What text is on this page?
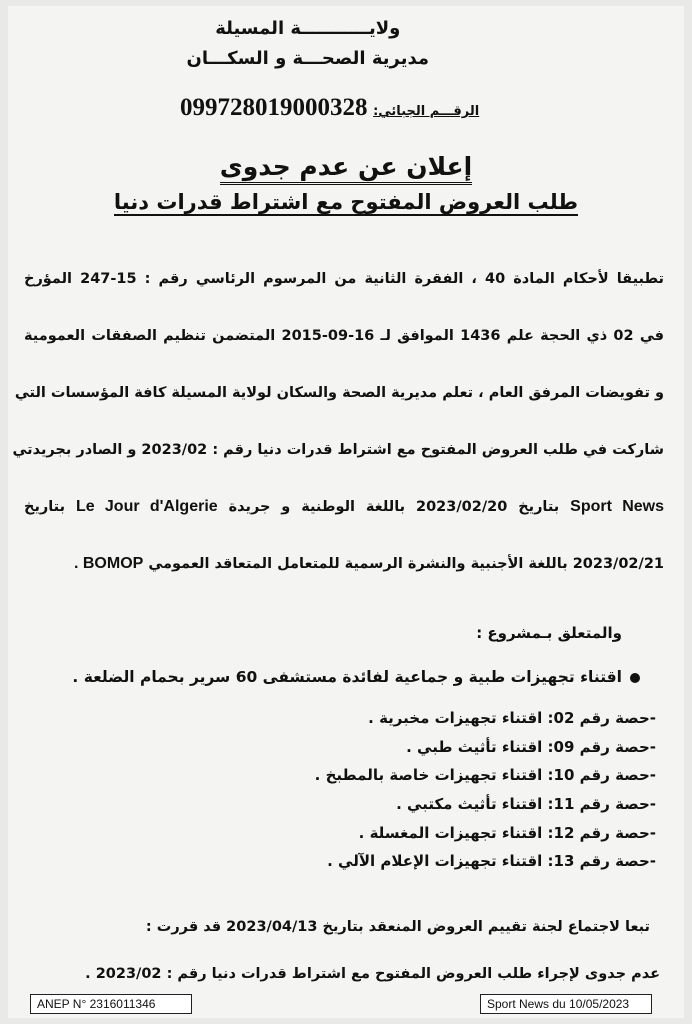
ولايـــــــــــة المسيلة
مديرية الصحـــة و السكـــان
الرقـــم الجبائي: 099728019000328
إعلان عن عدم جدوى
طلب العروض المفتوح مع اشتراط قدرات دنيا
تطبيقا لأحكام المادة 40 ، الفقرة الثانية من المرسوم الرئاسي رقم : 15-247 المؤرخ
في 02 ذي الحجة علم 1436 الموافق لـ 16-09-2015 المتضمن تنظيم الصفقات العمومية
و تفويضات المرفق العام ، تعلم مديرية الصحة والسكان لولاية المسيلة كافة المؤسسات التي
شاركت في طلب العروض المفتوح مع اشتراط قدرات دنيا رقم : 2023/02 و الصادر بجريدتي
Sport News بتاريخ 2023/02/20 باللغة الوطنية و جريدة Le Jour d'Algerie بتاريخ
2023/02/21 باللغة الأجنبية والنشرة الرسمية للمتعامل المتعاقد العمومي BOMOP .
والمتعلق بـمشروع :
اقتناء تجهيزات طبية و جماعية لفائدة مستشفى 60 سرير بحمام الضلعة .
-حصة رقم 02: اقتناء تجهيزات مخبرية .
-حصة رقم 09: اقتناء تأثيث طبي .
-حصة رقم 10: اقتناء تجهيزات خاصة بالمطبخ .
-حصة رقم 11: اقتناء تأثيث مكتبي .
-حصة رقم 12: اقتناء تجهيزات المغسلة .
-حصة رقم 13: اقتناء تجهيزات الإعلام الآلي .
تبعا لاجتماع لجنة تقييم العروض المنعقد بتاريخ 2023/04/13 قد قررت :
عدم جدوى لإجراء طلب العروض المفتوح مع اشتراط قدرات دنيا رقم : 2023/02 .
ANEP N° 2316011346	Sport News du 10/05/2023
